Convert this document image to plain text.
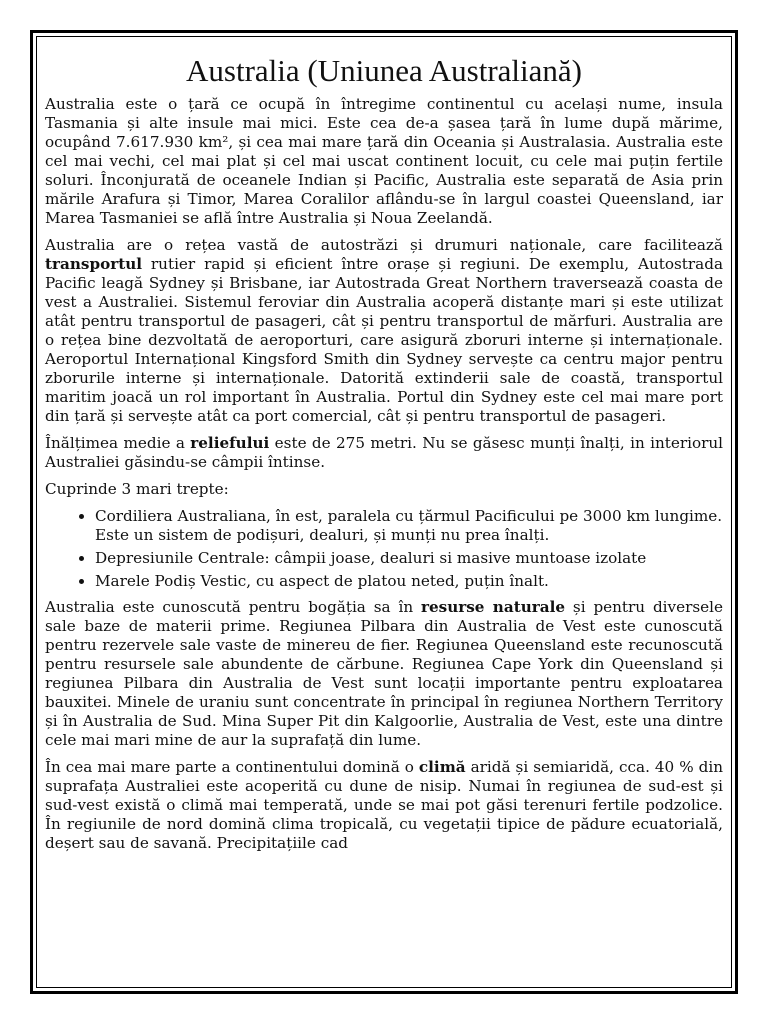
Australia (Uniunea Australiană)

Australia este o țară ce ocupă în întregime continentul cu același nume, insula Tasmania și alte insule mai mici. Este cea de-a șasea țară în lume după mărime, ocupând 7.617.930 km², și cea mai mare țară din Oceania și Australasia. Australia este cel mai vechi, cel mai plat și cel mai uscat continent locuit, cu cele mai puțin fertile soluri. Înconjurată de oceanele Indian și Pacific, Australia este separată de Asia prin mările Arafura și Timor, Marea Coralilor aflându-se în largul coastei Queensland, iar Marea Tasmaniei se află între Australia și Noua Zeelandă.

Australia are o rețea vastă de autostrăzi și drumuri naționale, care facilitează transportul rutier rapid și eficient între orașe și regiuni. De exemplu, Autostrada Pacific leagă Sydney și Brisbane, iar Autostrada Great Northern traversează coasta de vest a Australiei. Sistemul feroviar din Australia acoperă distanțe mari și este utilizat atât pentru transportul de pasageri, cât și pentru transportul de mărfuri. Australia are o rețea bine dezvoltată de aeroporturi, care asigură zboruri interne și internaționale. Aeroportul Internațional Kingsford Smith din Sydney servește ca centru major pentru zborurile interne și internaționale. Datorită extinderii sale de coastă, transportul maritim joacă un rol important în Australia. Portul din Sydney este cel mai mare port din țară și servește atât ca port comercial, cât și pentru transportul de pasageri.

Înălțimea medie a reliefului este de 275 metri. Nu se găsesc munți înalți, in interiorul Australiei găsindu-se câmpii întinse.

Cuprinde 3 mari trepte:

• Cordiliera Australiana, în est, paralela cu țărmul Pacificului pe 3000 km lungime. Este un sistem de podișuri, dealuri, și munți nu prea înalți.
• Depresiunile Centrale: câmpii joase, dealuri si masive muntoase izolate
• Marele Podiș Vestic, cu aspect de platou neted, puțin înalt.

Australia este cunoscută pentru bogăția sa în resurse naturale și pentru diversele sale baze de materii prime. Regiunea Pilbara din Australia de Vest este cunoscută pentru rezervele sale vaste de minereu de fier. Regiunea Queensland este recunoscută pentru resursele sale abundente de cărbune. Regiunea Cape York din Queensland și regiunea Pilbara din Australia de Vest sunt locații importante pentru exploatarea bauxitei. Minele de uraniu sunt concentrate în principal în regiunea Northern Territory și în Australia de Sud. Mina Super Pit din Kalgoorlie, Australia de Vest, este una dintre cele mai mari mine de aur la suprafață din lume.

În cea mai mare parte a continentului domină o climă aridă și semiaridă, cca. 40 % din suprafața Australiei este acoperită cu dune de nisip. Numai în regiunea de sud-est și sud-vest există o climă mai temperată, unde se mai pot găsi terenuri fertile podzolice. În regiunile de nord domină clima tropicală, cu vegetații tipice de pădure ecuatorială, deșert sau de savană. Precipitațiile cad
